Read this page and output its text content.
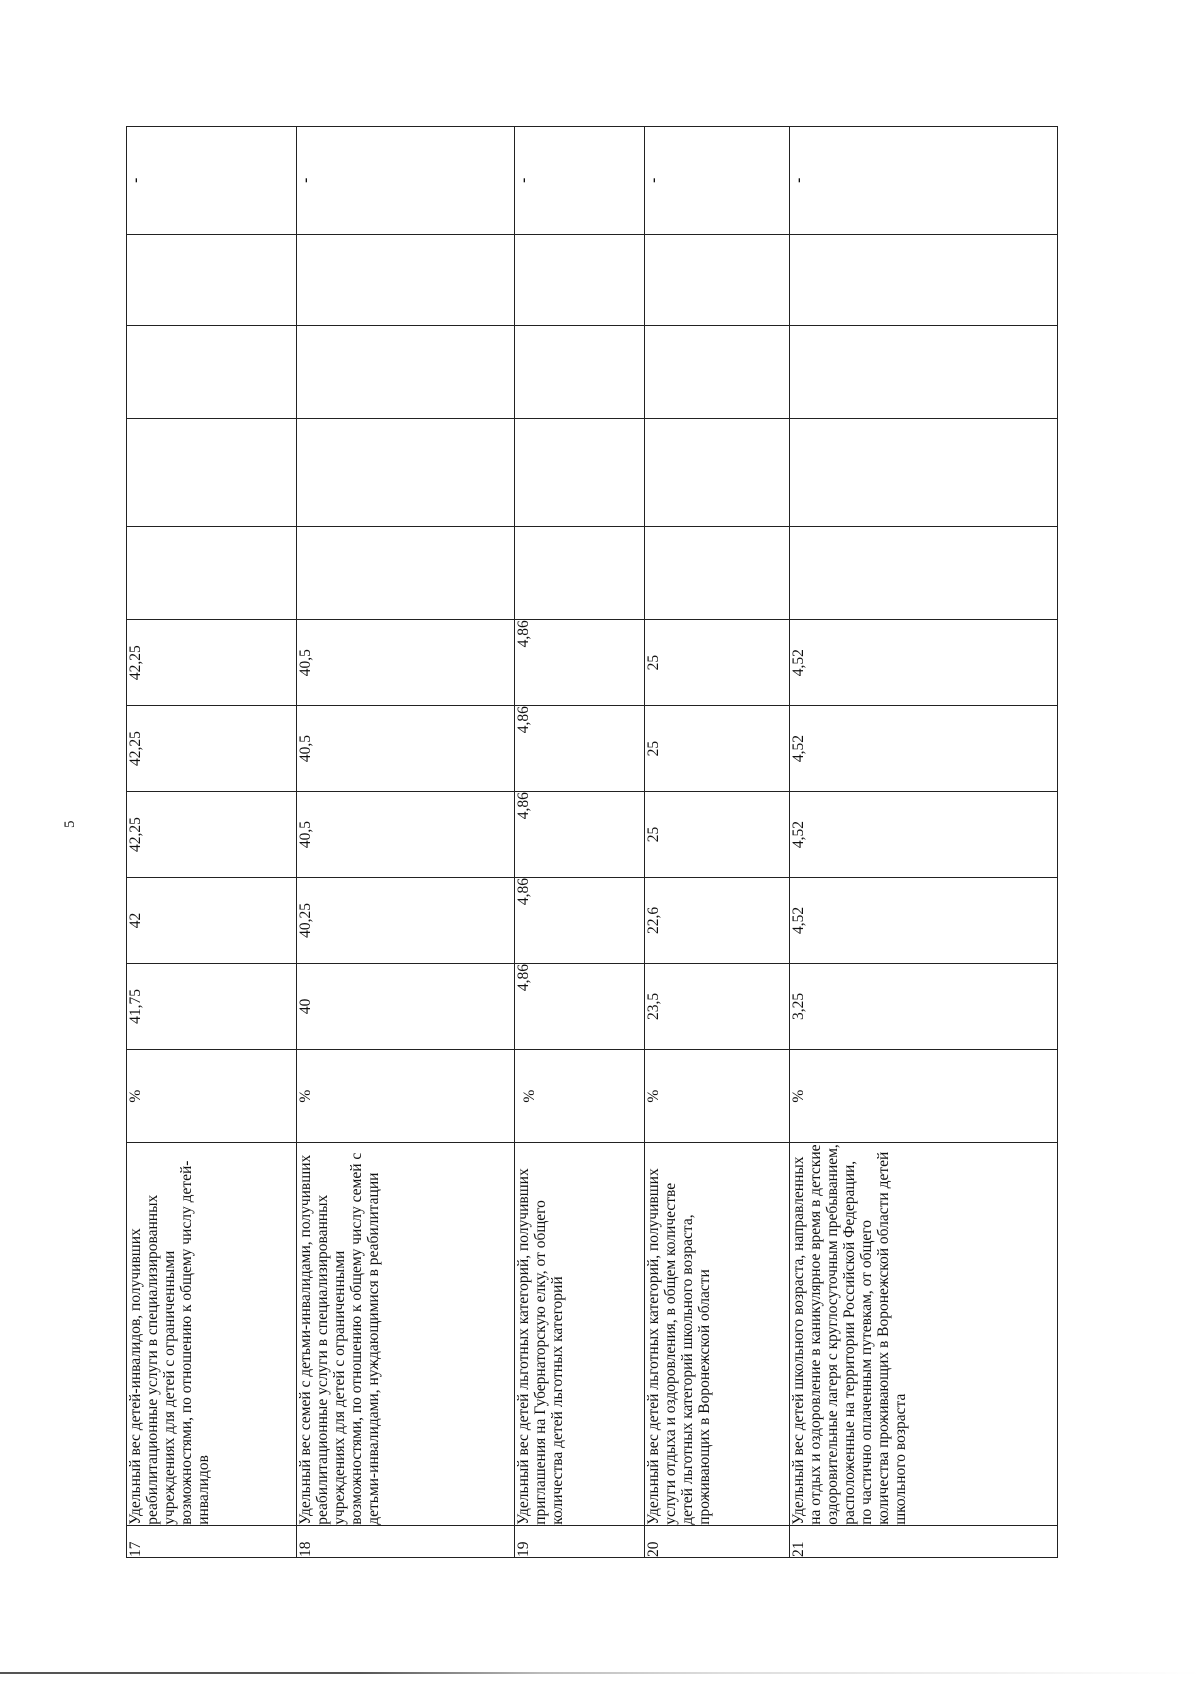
5
17	Удельный вес детей-инвалидов, получивших реабилитационные услуги в специализированных учреждениях для детей с ограниченными возможностями, по отношению к общему числу детей-инвалидов	%	41,75	42	42,25	42,25	42,25					-
18	Удельный вес семей с детьми-инвалидами, получивших реабилитационные услуги в специализированных учреждениях для детей с ограниченными возможностями, по отношению к общему числу семей с детьми-инвалидами, нуждающимися в реабилитации	%	40	40,25	40,5	40,5	40,5					-
19	Удельный вес детей льготных категорий, получивших приглашения на Губернаторскую елку, от общего количества детей льготных категорий	%	4,86	4,86	4,86	4,86	4,86					-
20	Удельный вес детей льготных категорий, получивших услуги отдыха и оздоровления, в общем количестве детей льготных категорий школьного возраста, проживающих в Воронежской области	%	23,5	22,6	25	25	25					-
21	Удельный вес детей школьного возраста, направленных на отдых и оздоровление в каникулярное время в детские оздоровительные лагеря с круглосуточным пребыванием, расположенные на территории Российской Федерации, по частично оплаченным путевкам, от общего количества проживающих в Воронежской области детей школьного возраста	%	3,25	4,52	4,52	4,52	4,52					-
